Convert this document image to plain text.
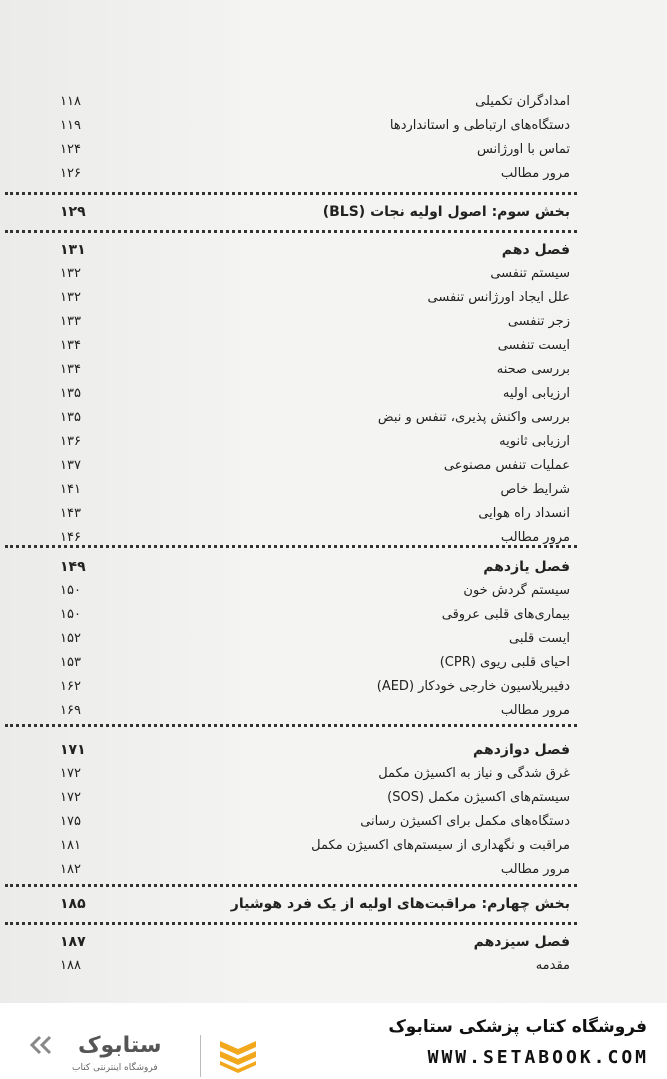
امدادگران تکمیلی
۱۱۸
دستگاه‌های ارتباطی و استانداردها
۱۱۹
تماس با اورژانس
۱۲۴
مرور مطالب
۱۲۶
بخش سوم: اصول اولیه نجات (BLS)
۱۲۹
فصل دهم
۱۳۱
سیستم تنفسی
۱۳۲
علل ایجاد اورژانس تنفسی
۱۳۲
زجر تنفسی
۱۳۳
ایست تنفسی
۱۳۴
بررسی صحنه
۱۳۴
ارزیابی اولیه
۱۳۵
بررسی واکنش پذیری، تنفس و نبض
۱۳۵
ارزیابی ثانویه
۱۳۶
عملیات تنفس مصنوعی
۱۳۷
شرایط خاص
۱۴۱
انسداد راه هوایی
۱۴۳
مرور مطالب
۱۴۶
فصل یازدهم
۱۴۹
سیستم گردش خون
۱۵۰
بیماری‌های قلبی عروقی
۱۵۰
ایست قلبی
۱۵۲
احیای قلبی ریوی (CPR)
۱۵۳
دفیبریلاسیون خارجی خودکار (AED)
۱۶۲
مرور مطالب
۱۶۹
فصل دوازدهم
۱۷۱
غرق شدگی و نیاز به اکسیژن مکمل
۱۷۲
سیستم‌های اکسیژن مکمل (SOS)
۱۷۲
دستگاه‌های مکمل برای اکسیژن رسانی
۱۷۵
مراقبت و نگهداری از سیستم‌های اکسیژن مکمل
۱۸۱
مرور مطالب
۱۸۲
بخش چهارم: مراقبت‌های اولیه از یک فرد هوشیار
۱۸۵
فصل سیزدهم
۱۸۷
مقدمه
۱۸۸
ستابوک
فروشگاه اینترنتی کتاب
فروشگاه کتاب پزشکی ستابوک
WWW.SETABOOK.COM
